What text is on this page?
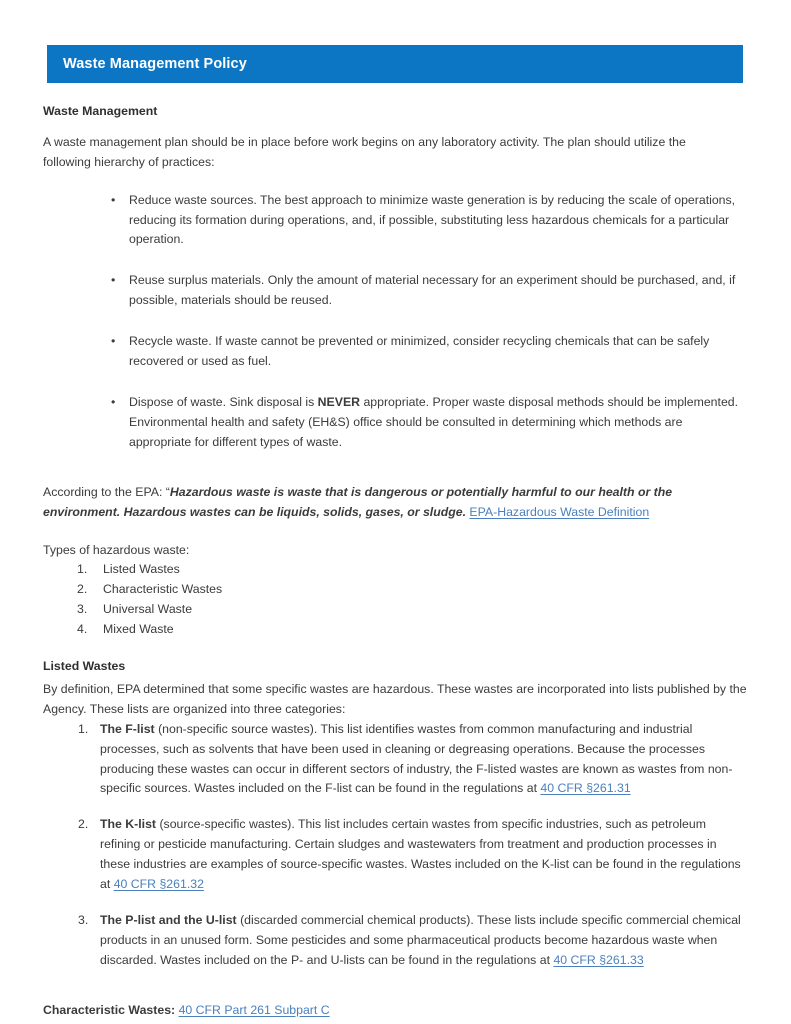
Waste Management Policy
Waste Management

A waste management plan should be in place before work begins on any laboratory activity. The plan should utilize the following hierarchy of practices:

• Reduce waste sources. The best approach to minimize waste generation is by reducing the scale of operations, reducing its formation during operations, and, if possible, substituting less hazardous chemicals for a particular operation.
• Reuse surplus materials. Only the amount of material necessary for an experiment should be purchased, and, if possible, materials should be reused.
• Recycle waste. If waste cannot be prevented or minimized, consider recycling chemicals that can be safely recovered or used as fuel.
• Dispose of waste. Sink disposal is NEVER appropriate. Proper waste disposal methods should be implemented. Environmental health and safety (EH&S) office should be consulted in determining which methods are appropriate for different types of waste.

According to the EPA: “Hazardous waste is waste that is dangerous or potentially harmful to our health or the environment. Hazardous wastes can be liquids, solids, gases, or sludge. EPA-Hazardous Waste Definition

Types of hazardous waste:

1. Listed Wastes
2. Characteristic Wastes
3. Universal Waste
4. Mixed Waste
Listed Wastes

By definition, EPA determined that some specific wastes are hazardous. These wastes are incorporated into lists published by the Agency. These lists are organized into three categories:

1. The F-list (non-specific source wastes). This list identifies wastes from common manufacturing and industrial processes, such as solvents that have been used in cleaning or degreasing operations. Because the processes producing these wastes can occur in different sectors of industry, the F-listed wastes are known as wastes from non-specific sources. Wastes included on the F-list can be found in the regulations at 40 CFR §261.31
2. The K-list (source-specific wastes). This list includes certain wastes from specific industries, such as petroleum refining or pesticide manufacturing. Certain sludges and wastewaters from treatment and production processes in these industries are examples of source-specific wastes. Wastes included on the K-list can be found in the regulations at 40 CFR §261.32
3. The P-list and the U-list (discarded commercial chemical products). These lists include specific commercial chemical products in an unused form. Some pesticides and some pharmaceutical products become hazardous waste when discarded. Wastes included on the P- and U-lists can be found in the regulations at 40 CFR §261.33

Characteristic Wastes: 40 CFR Part 261 Subpart C
